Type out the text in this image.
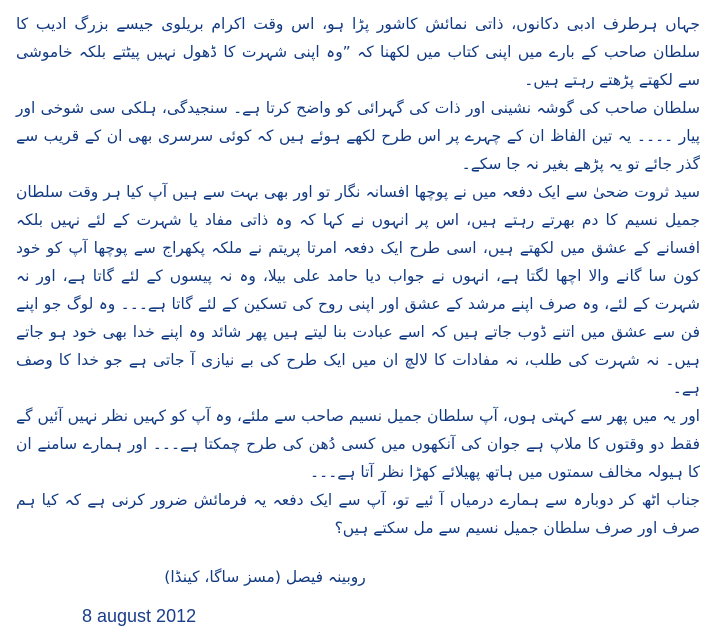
جہاں ہرطرف ادبی دکانوں، ذاتی نمائش کاشور پڑا ہو، اس وقت اکرام بریلوی جیسے بزرگ ادیب کا سلطان صاحب کے بارے میں اپنی کتاب میں لکھنا کہ ”وہ اپنی شہرت کا ڈھول نہیں پیٹتے بلکہ خاموشی سے لکھتے پڑھتے رہتے ہیں۔

سلطان صاحب کی گوشہ نشینی اور ذات کی گہرائی کو واضح کرتا ہے۔ سنجیدگی، ہلکی سی شوخی اور پیار ۔۔۔۔ یہ تین الفاظ ان کے چہرے پر اس طرح لکھے ہوئے ہیں کہ کوئی سرسری بھی ان کے قریب سے گذر جائے تو یہ پڑھے بغیر نہ جا سکے۔

سید ثروت ضحیٰ سے ایک دفعہ میں نے پوچھا افسانہ نگار تو اور بھی بہت سے ہیں آپ کیا ہر وقت سلطان جمیل نسیم کا دم بھرتے رہتے ہیں، اس پر انہوں نے کہا کہ وہ ذاتی مفاد یا شہرت کے لئے نہیں بلکہ افسانے کے عشق میں لکھتے ہیں، اسی طرح ایک دفعہ امرتا پریتم نے ملکہ پکھراج سے پوچھا آپ کو خود کون سا گانے والا اچھا لگتا ہے، انہوں نے جواب دیا حامد علی بیلا، وہ نہ پیسوں کے لئے گاتا ہے، اور نہ شہرت کے لئے، وہ صرف اپنے مرشد کے عشق اور اپنی روح کی تسکین کے لئے گاتا ہے۔۔۔ وہ لوگ جو اپنے فن سے عشق میں اتنے ڈوب جاتے ہیں کہ اسے عبادت بنا لیتے ہیں پھر شائد وہ اپنے خدا بھی خود ہو جاتے ہیں۔ نہ شہرت کی طلب، نہ مفادات کا لالچ ان میں ایک طرح کی بے نیازی آ جاتی ہے جو خدا کا وصف ہے۔

اور یہ میں پھر سے کہتی ہوں، آپ سلطان جمیل نسیم صاحب سے ملئے، وہ آپ کو کہیں نظر نہیں آئیں گے فقط دو وقتوں کا ملاپ ہے جوان کی آنکھوں میں کسی دُھن کی طرح چمکتا ہے۔۔۔ اور ہمارے سامنے ان کا ہیولہ مخالف سمتوں میں ہاتھ پھیلائے کھڑا نظر آتا ہے۔۔۔

جناب اٹھ کر دوبارہ سے ہمارے درمیاں آ ئیے تو، آپ سے ایک دفعہ یہ فرمائش ضرور کرنی ہے کہ کیا ہم صرف اور صرف سلطان جمیل نسیم سے مل سکتے ہیں؟

روبینہ فیصل (مسز ساگا، کینڈا)
8 august 2012
